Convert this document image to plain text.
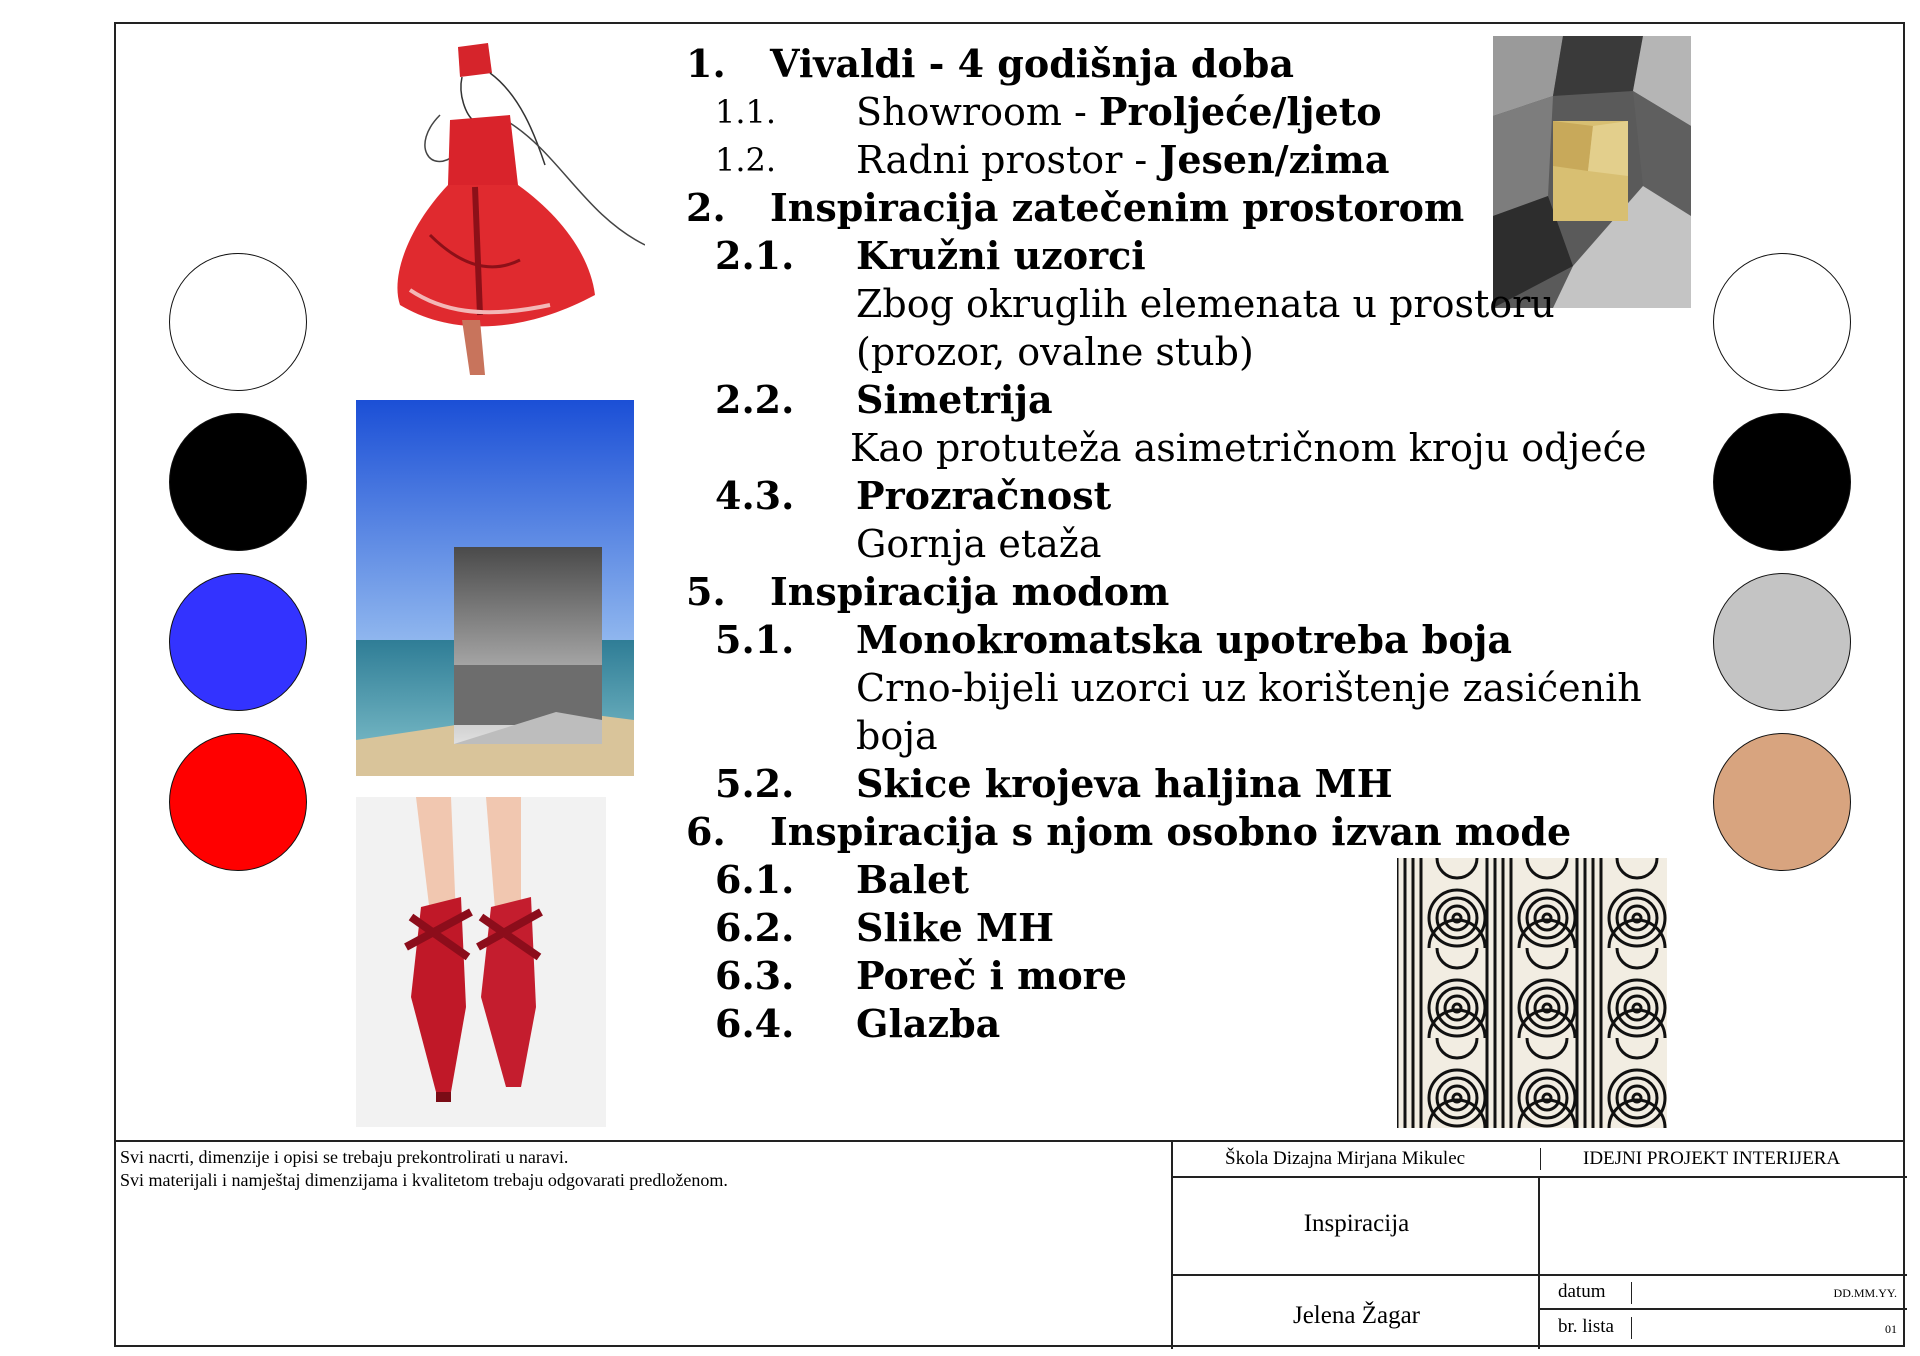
1. Vivaldi - 4 godišnja doba
1.1. Showroom - Proljeće/ljeto
1.2. Radni prostor - Jesen/zima
2. Inspiracija zatečenim prostorom
2.1. Kružni uzorci
Zbog okruglih elemenata u prostoru
(prozor, ovalne stub)
2.2. Simetrija
Kao protuteža asimetričnom kroju odjeće
4.3. Prozračnost
Gornja etaža
5. Inspiracija modom
5.1. Monokromatska upotreba boja
Crno-bijeli uzorci uz korištenje zasićenih
boja
5.2. Skice krojeva haljina MH
6. Inspiracija s njom osobno izvan mode
6.1. Balet
6.2. Slike MH
6.3. Poreč i more
6.4. Glazba
Svi nacrti, dimenzije i opisi se trebaju prekontrolirati u naravi.
Svi materijali i namještaj dimenzijama i kvalitetom trebaju odgovarati predloženom.
Škola Dizajna Mirjana Mikulec	IDEJNI PROJEKT INTERIJERA
Inspiracija
Jelena Žagar
datum	DD.MM.YY.
br. lista	01
